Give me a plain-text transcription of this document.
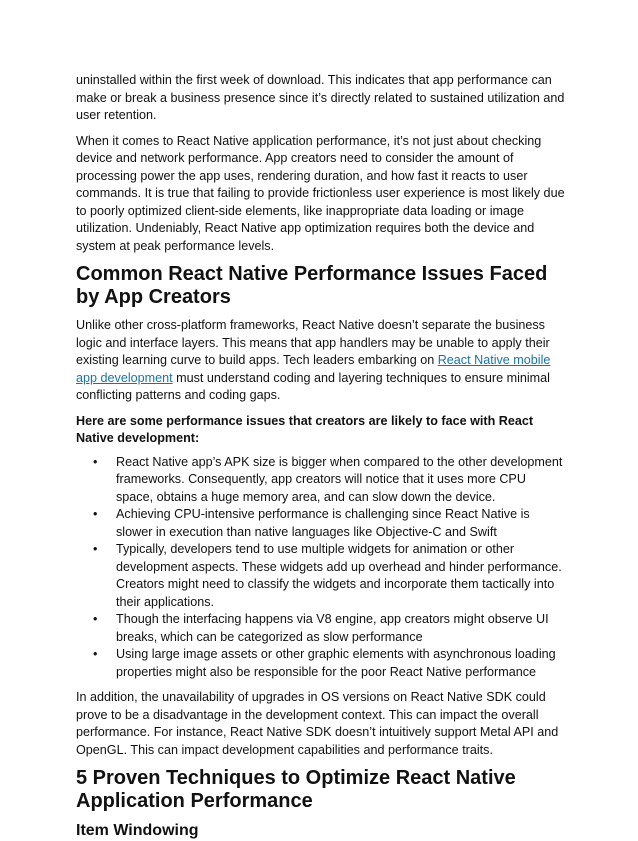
uninstalled within the first week of download. This indicates that app performance can make or break a business presence since it’s directly related to sustained utilization and user retention.

When it comes to React Native application performance, it’s not just about checking device and network performance. App creators need to consider the amount of processing power the app uses, rendering duration, and how fast it reacts to user commands. It is true that failing to provide frictionless user experience is most likely due to poorly optimized client-side elements, like inappropriate data loading or image utilization. Undeniably, React Native app optimization requires both the device and system at peak performance levels.

Common React Native Performance Issues Faced by App Creators

Unlike other cross-platform frameworks, React Native doesn’t separate the business logic and interface layers. This means that app handlers may be unable to apply their existing learning curve to build apps. Tech leaders embarking on React Native mobile app development must understand coding and layering techniques to ensure minimal conflicting patterns and coding gaps.

Here are some performance issues that creators are likely to face with React Native development:

• React Native app’s APK size is bigger when compared to the other development frameworks. Consequently, app creators will notice that it uses more CPU space, obtains a huge memory area, and can slow down the device.
• Achieving CPU-intensive performance is challenging since React Native is slower in execution than native languages like Objective-C and Swift
• Typically, developers tend to use multiple widgets for animation or other development aspects. These widgets add up overhead and hinder performance. Creators might need to classify the widgets and incorporate them tactically into their applications.
• Though the interfacing happens via V8 engine, app creators might observe UI breaks, which can be categorized as slow performance
• Using large image assets or other graphic elements with asynchronous loading properties might also be responsible for the poor React Native performance

In addition, the unavailability of upgrades in OS versions on React Native SDK could prove to be a disadvantage in the development context. This can impact the overall performance. For instance, React Native SDK doesn’t intuitively support Metal API and OpenGL. This can impact development capabilities and performance traits.

5 Proven Techniques to Optimize React Native Application Performance
Item Windowing
